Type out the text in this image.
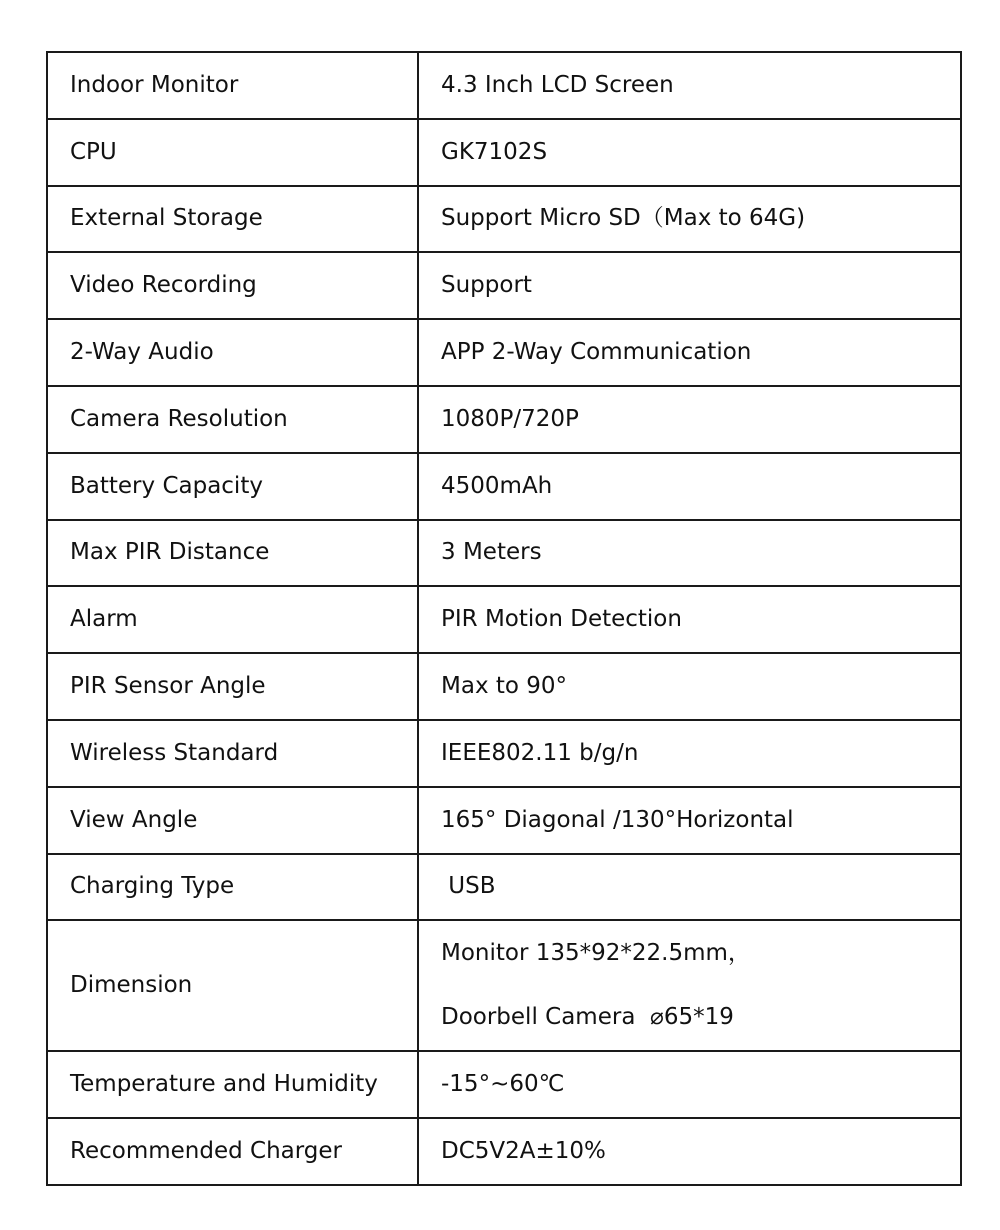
Indoor Monitor	4.3 Inch LCD Screen
CPU	GK7102S
External Storage	Support Micro SD（Max to 64G)
Video Recording	Support
2-Way Audio	APP 2-Way Communication
Camera Resolution	1080P/720P
Battery Capacity	4500mAh
Max PIR Distance	3 Meters
Alarm	PIR Motion Detection
PIR Sensor Angle	Max to 90°
Wireless Standard	IEEE802.11 b/g/n
View Angle	165° Diagonal /130°Horizontal
Charging Type	USB
Dimension	Monitor 135*92*22.5mm，
Doorbell Camera  ⌀65*19

Temperature and Humidity	-15°~60℃
Recommended Charger	DC5V2A±10%
